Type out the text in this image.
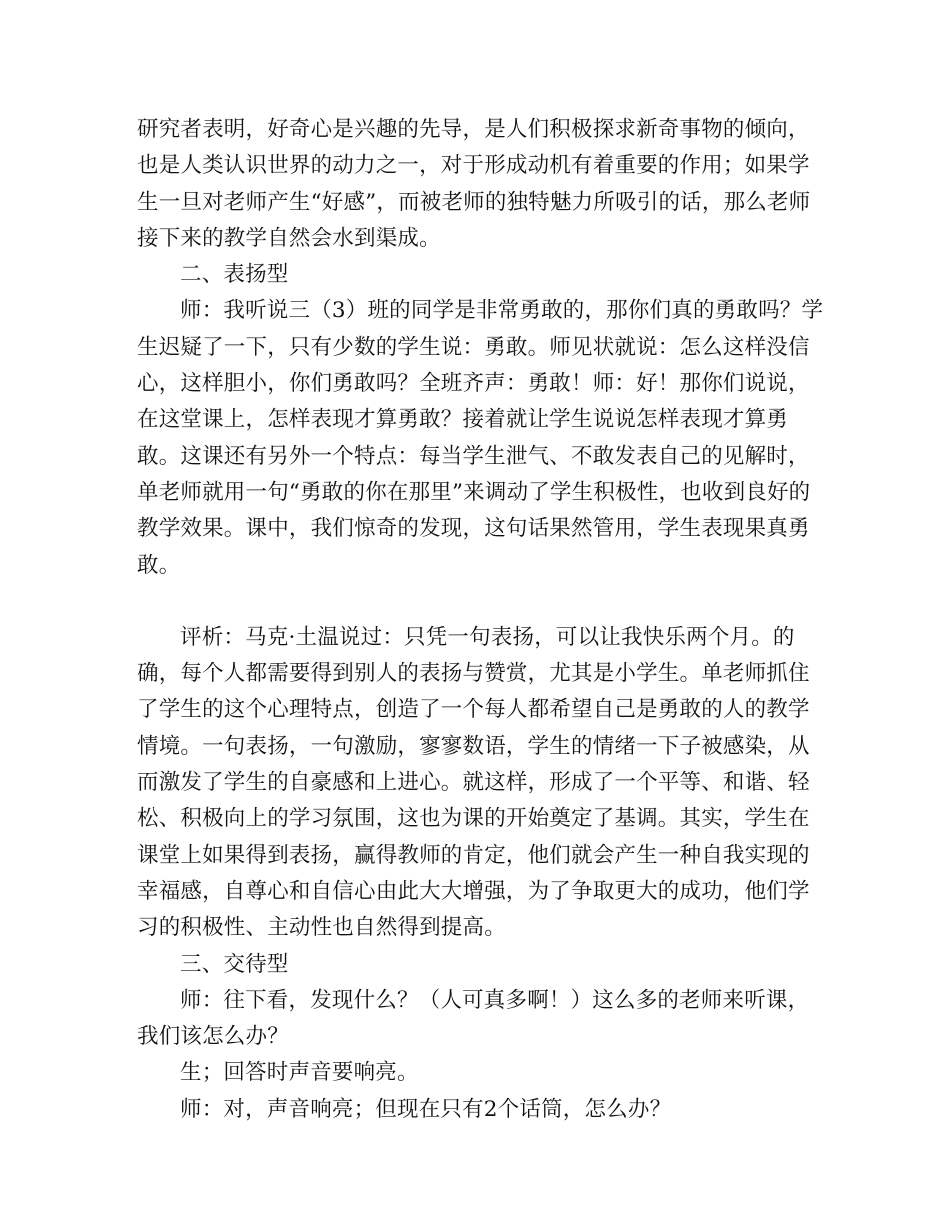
研究者表明，好奇心是兴趣的先导，是人们积极探求新奇事物的倾向，也是人类认识世界的动力之一，对于形成动机有着重要的作用；如果学生一旦对老师产生“好感”，而被老师的独特魅力所吸引的话，那么老师接下来的教学自然会水到渠成。

二、表扬型

师：我听说三（3）班的同学是非常勇敢的，那你们真的勇敢吗？学生迟疑了一下，只有少数的学生说：勇敢。师见状就说：怎么这样没信心，这样胆小，你们勇敢吗？全班齐声：勇敢！师：好！那你们说说，在这堂课上，怎样表现才算勇敢？接着就让学生说说怎样表现才算勇敢。这课还有另外一个特点：每当学生泄气、不敢发表自己的见解时，单老师就用一句“勇敢的你在那里”来调动了学生积极性，也收到良好的教学效果。课中，我们惊奇的发现，这句话果然管用，学生表现果真勇敢。

评析：马克·土温说过：只凭一句表扬，可以让我快乐两个月。的确，每个人都需要得到别人的表扬与赞赏，尤其是小学生。单老师抓住了学生的这个心理特点，创造了一个每人都希望自己是勇敢的人的教学情境。一句表扬，一句激励，寥寥数语，学生的情绪一下子被感染，从而激发了学生的自豪感和上进心。就这样，形成了一个平等、和谐、轻松、积极向上的学习氛围，这也为课的开始奠定了基调。其实，学生在课堂上如果得到表扬，赢得教师的肯定，他们就会产生一种自我实现的幸福感，自尊心和自信心由此大大增强，为了争取更大的成功，他们学习的积极性、主动性也自然得到提高。

三、交待型

师：往下看，发现什么？（人可真多啊！）这么多的老师来听课，我们该怎么办？

生；回答时声音要响亮。

师：对，声音响亮；但现在只有2个话筒，怎么办？
